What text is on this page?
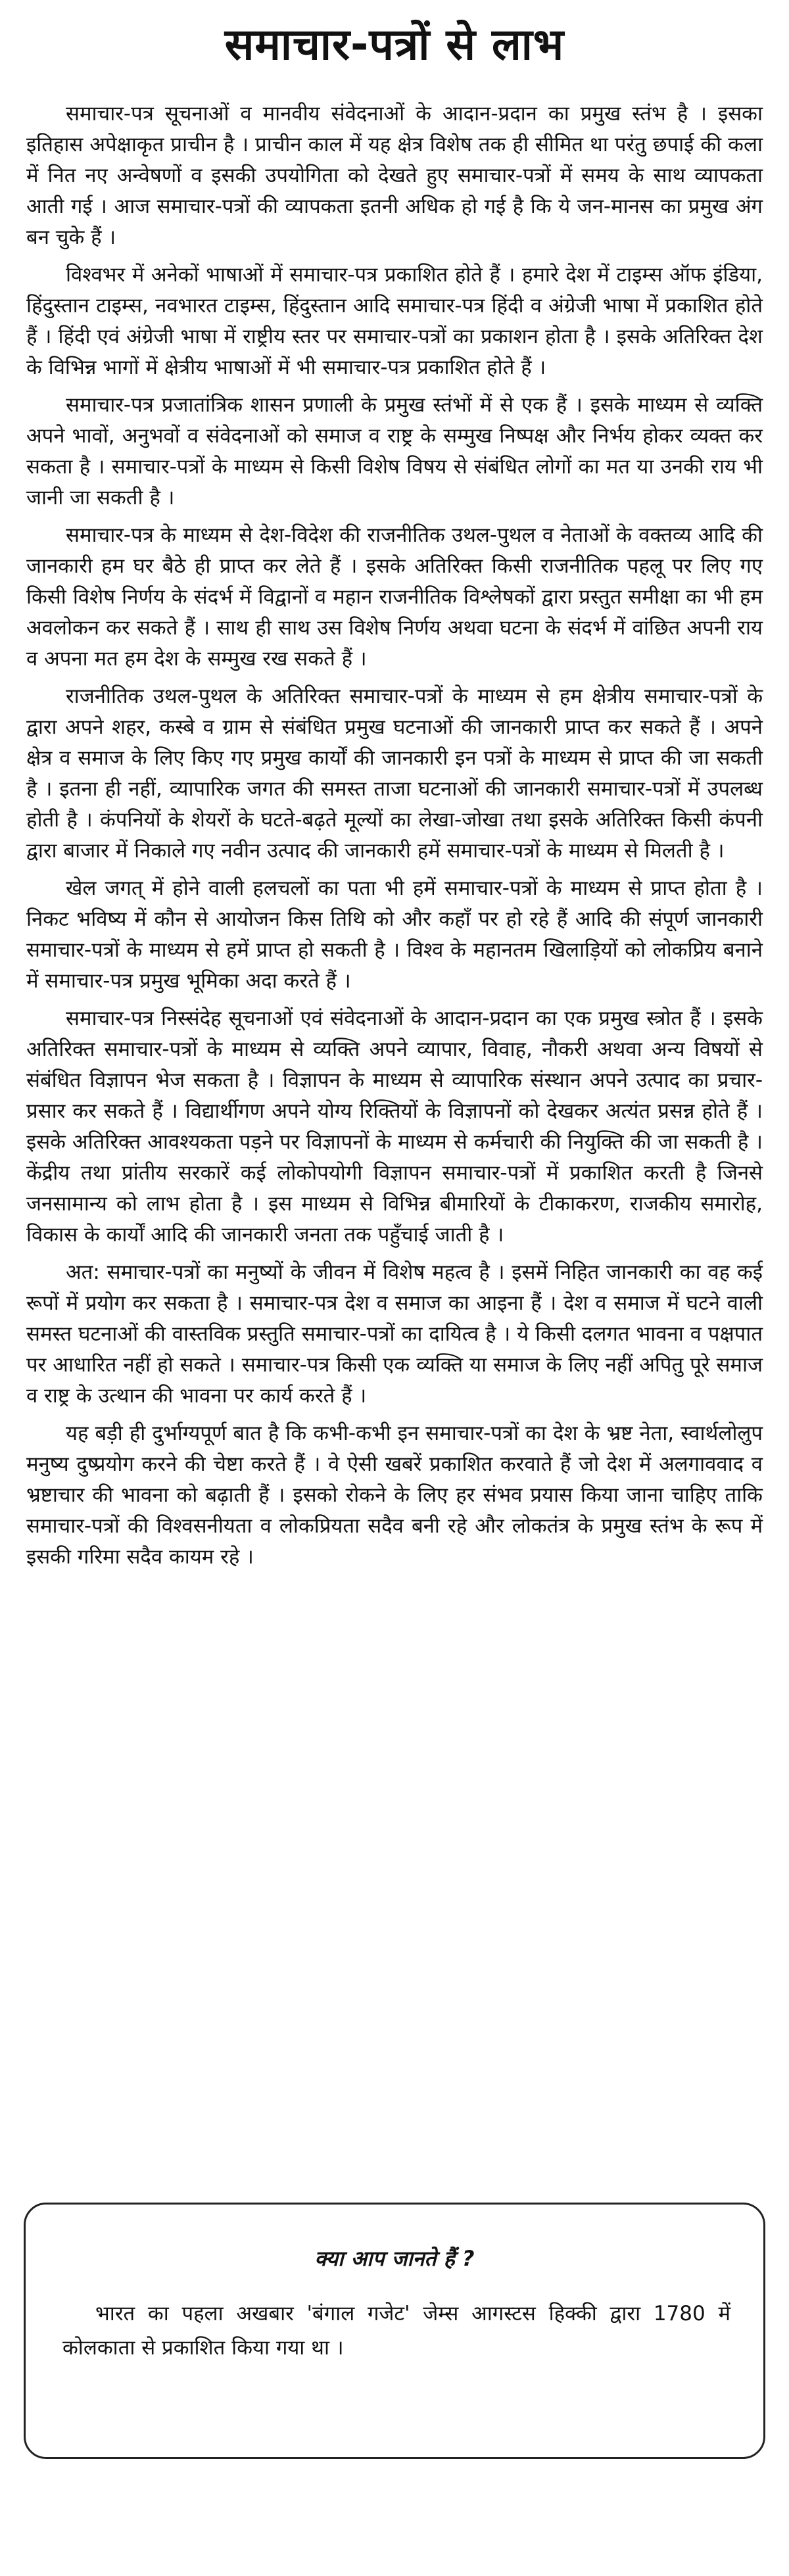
समाचार-पत्रों से लाभ

समाचार-पत्र सूचनाओं व मानवीय संवेदनाओं के आदान-प्रदान का प्रमुख स्तंभ है । इसका इतिहास अपेक्षाकृत प्राचीन है । प्राचीन काल में यह क्षेत्र विशेष तक ही सीमित था परंतु छपाई की कला में नित नए अन्वेषणों व इसकी उपयोगिता को देखते हुए समाचार-पत्रों में समय के साथ व्यापकता आती गई । आज समाचार-पत्रों की व्यापकता इतनी अधिक हो गई है कि ये जन-मानस का प्रमुख अंग बन चुके हैं ।

विश्वभर में अनेकों भाषाओं में समाचार-पत्र प्रकाशित होते हैं । हमारे देश में टाइम्स ऑफ इंडिया, हिंदुस्तान टाइम्स, नवभारत टाइम्स, हिंदुस्तान आदि समाचार-पत्र हिंदी व अंग्रेजी भाषा में प्रकाशित होते हैं । हिंदी एवं अंग्रेजी भाषा में राष्ट्रीय स्तर पर समाचार-पत्रों का प्रकाशन होता है । इसके अतिरिक्त देश के विभिन्न भागों में क्षेत्रीय भाषाओं में भी समाचार-पत्र प्रकाशित होते हैं ।

समाचार-पत्र प्रजातांत्रिक शासन प्रणाली के प्रमुख स्तंभों में से एक हैं । इसके माध्यम से व्यक्ति अपने भावों, अनुभवों व संवेदनाओं को समाज व राष्ट्र के सम्मुख निष्पक्ष और निर्भय होकर व्यक्त कर सकता है । समाचार-पत्रों के माध्यम से किसी विशेष विषय से संबंधित लोगों का मत या उनकी राय भी जानी जा सकती है ।

समाचार-पत्र के माध्यम से देश-विदेश की राजनीतिक उथल-पुथल व नेताओं के वक्तव्य आदि की जानकारी हम घर बैठे ही प्राप्त कर लेते हैं । इसके अतिरिक्त किसी राजनीतिक पहलू पर लिए गए किसी विशेष निर्णय के संदर्भ में विद्वानों व महान राजनीतिक विश्लेषकों द्वारा प्रस्तुत समीक्षा का भी हम अवलोकन कर सकते हैं । साथ ही साथ उस विशेष निर्णय अथवा घटना के संदर्भ में वांछित अपनी राय व अपना मत हम देश के सम्मुख रख सकते हैं ।

राजनीतिक उथल-पुथल के अतिरिक्त समाचार-पत्रों के माध्यम से हम क्षेत्रीय समाचार-पत्रों के द्वारा अपने शहर, कस्बे व ग्राम से संबंधित प्रमुख घटनाओं की जानकारी प्राप्त कर सकते हैं । अपने क्षेत्र व समाज के लिए किए गए प्रमुख कार्यों की जानकारी इन पत्रों के माध्यम से प्राप्त की जा सकती है । इतना ही नहीं, व्यापारिक जगत की समस्त ताजा घटनाओं की जानकारी समाचार-पत्रों में उपलब्ध होती है । कंपनियों के शेयरों के घटते-बढ़ते मूल्यों का लेखा-जोखा तथा इसके अतिरिक्त किसी कंपनी द्वारा बाजार में निकाले गए नवीन उत्पाद की जानकारी हमें समाचार-पत्रों के माध्यम से मिलती है ।

खेल जगत् में होने वाली हलचलों का पता भी हमें समाचार-पत्रों के माध्यम से प्राप्त होता है । निकट भविष्य में कौन से आयोजन किस तिथि को और कहाँ पर हो रहे हैं आदि की संपूर्ण जानकारी समाचार-पत्रों के माध्यम से हमें प्राप्त हो सकती है । विश्व के महानतम खिलाड़ियों को लोकप्रिय बनाने में समाचार-पत्र प्रमुख भूमिका अदा करते हैं ।

समाचार-पत्र निस्संदेह सूचनाओं एवं संवेदनाओं के आदान-प्रदान का एक प्रमुख स्त्रोत हैं । इसके अतिरिक्त समाचार-पत्रों के माध्यम से व्यक्ति अपने व्यापार, विवाह, नौकरी अथवा अन्य विषयों से संबंधित विज्ञापन भेज सकता है । विज्ञापन के माध्यम से व्यापारिक संस्थान अपने उत्पाद का प्रचार-प्रसार कर सकते हैं । विद्यार्थीगण अपने योग्य रिक्तियों के विज्ञापनों को देखकर अत्यंत प्रसन्न होते हैं । इसके अतिरिक्त आवश्यकता पड़ने पर विज्ञापनों के माध्यम से कर्मचारी की नियुक्ति की जा सकती है । केंद्रीय तथा प्रांतीय सरकारें कई लोकोपयोगी विज्ञापन समाचार-पत्रों में प्रकाशित करती है जिनसे जनसामान्य को लाभ होता है । इस माध्यम से विभिन्न बीमारियों के टीकाकरण, राजकीय समारोह, विकास के कार्यों आदि की जानकारी जनता तक पहुँचाई जाती है ।

अत: समाचार-पत्रों का मनुष्यों के जीवन में विशेष महत्व है । इसमें निहित जानकारी का वह कई रूपों में प्रयोग कर सकता है । समाचार-पत्र देश व समाज का आइना हैं । देश व समाज में घटने वाली समस्त घटनाओं की वास्तविक प्रस्तुति समाचार-पत्रों का दायित्व है । ये किसी दलगत भावना व पक्षपात पर आधारित नहीं हो सकते । समाचार-पत्र किसी एक व्यक्ति या समाज के लिए नहीं अपितु पूरे समाज व राष्ट्र के उत्थान की भावना पर कार्य करते हैं ।

यह बड़ी ही दुर्भाग्यपूर्ण बात है कि कभी-कभी इन समाचार-पत्रों का देश के भ्रष्ट नेता, स्वार्थलोलुप मनुष्य दुष्प्रयोग करने की चेष्टा करते हैं । वे ऐसी खबरें प्रकाशित करवाते हैं जो देश में अलगाववाद व भ्रष्टाचार की भावना को बढ़ाती हैं । इसको रोकने के लिए हर संभव प्रयास किया जाना चाहिए ताकि समाचार-पत्रों की विश्वसनीयता व लोकप्रियता सदैव बनी रहे और लोकतंत्र के प्रमुख स्तंभ के रूप में इसकी गरिमा सदैव कायम रहे ।

क्या आप जानते हैं ?

भारत का पहला अखबार 'बंगाल गजेट' जेम्स आगस्टस हिक्की द्वारा 1780 में कोलकाता से प्रकाशित किया गया था ।
